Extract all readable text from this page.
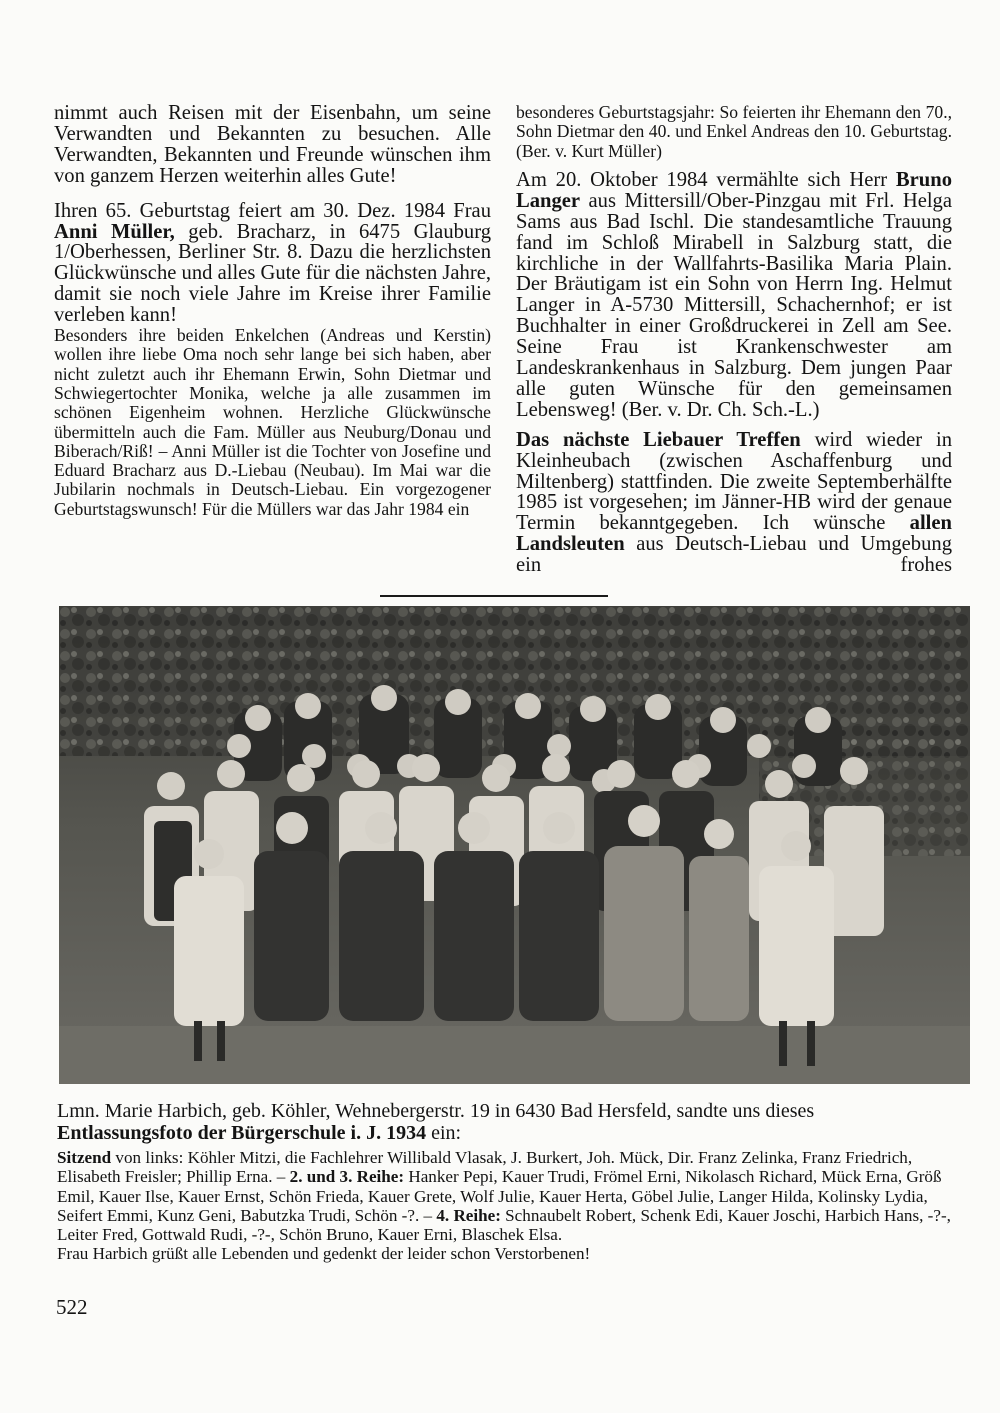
nimmt auch Reisen mit der Eisenbahn, um seine Verwandten und Bekannten zu besuchen. Alle Verwandten, Bekannten und Freunde wünschen ihm von ganzem Herzen weiterhin alles Gute!

Ihren 65. Geburtstag feiert am 30. Dez. 1984 Frau Anni Müller, geb. Bracharz, in 6475 Glauburg 1/Oberhessen, Berliner Str. 8. Dazu die herzlichsten Glückwünsche und alles Gute für die nächsten Jahre, damit sie noch viele Jahre im Kreise ihrer Familie verleben kann!

Besonders ihre beiden Enkelchen (Andreas und Kerstin) wollen ihre liebe Oma noch sehr lange bei sich haben, aber nicht zuletzt auch ihr Ehemann Erwin, Sohn Dietmar und Schwiegertochter Monika, welche ja alle zusammen im schönen Eigenheim wohnen. Herzliche Glückwünsche übermitteln auch die Fam. Müller aus Neuburg/Donau und Biberach/Riß! – Anni Müller ist die Tochter von Josefine und Eduard Bracharz aus D.-Liebau (Neubau). Im Mai war die Jubilarin nochmals in Deutsch-Liebau. Ein vorgezogener Geburtstagswunsch! Für die Müllers war das Jahr 1984 ein

besonderes Geburtstagsjahr: So feierten ihr Ehemann den 70., Sohn Dietmar den 40. und Enkel Andreas den 10. Geburtstag. (Ber. v. Kurt Müller)

Am 20. Oktober 1984 vermählte sich Herr Bruno Langer aus Mittersill/Ober-Pinzgau mit Frl. Helga Sams aus Bad Ischl. Die standesamtliche Trauung fand im Schloß Mirabell in Salzburg statt, die kirchliche in der Wallfahrts-Basilika Maria Plain. Der Bräutigam ist ein Sohn von Herrn Ing. Helmut Langer in A-5730 Mittersill, Schachernhof; er ist Buchhalter in einer Großdruckerei in Zell am See. Seine Frau ist Krankenschwester am Landeskrankenhaus in Salzburg. Dem jungen Paar alle guten Wünsche für den gemeinsamen Lebensweg! (Ber. v. Dr. Ch. Sch.-L.)

Das nächste Liebauer Treffen wird wieder in Kleinheubach (zwischen Aschaffenburg und Miltenberg) stattfinden. Die zweite Septemberhälfte 1985 ist vorgesehen; im Jänner-HB wird der genaue Termin bekanntgegeben. Ich wünsche allen Landsleuten aus Deutsch-Liebau und Umgebung ein frohes

Lmn. Marie Harbich, geb. Köhler, Wehnebergerstr. 19 in 6430 Bad Hersfeld, sandte uns dieses

Entlassungsfoto der Bürgerschule i. J. 1934 ein:

Sitzend von links: Köhler Mitzi, die Fachlehrer Willibald Vlasak, J. Burkert, Joh. Mück, Dir. Franz Zelinka, Franz Friedrich, Elisabeth Freisler; Phillip Erna. – 2. und 3. Reihe: Hanker Pepi, Kauer Trudi, Frömel Erni, Nikolasch Richard, Mück Erna, Größ Emil, Kauer Ilse, Kauer Ernst, Schön Frieda, Kauer Grete, Wolf Julie, Kauer Herta, Göbel Julie, Langer Hilda, Kolinsky Lydia, Seifert Emmi, Kunz Geni, Babutzka Trudi, Schön -?. – 4. Reihe: Schnaubelt Robert, Schenk Edi, Kauer Joschi, Harbich Hans, -?-, Leiter Fred, Gottwald Rudi, -?-, Schön Bruno, Kauer Erni, Blaschek Elsa.

Frau Harbich grüßt alle Lebenden und gedenkt der leider schon Verstorbenen!

522
